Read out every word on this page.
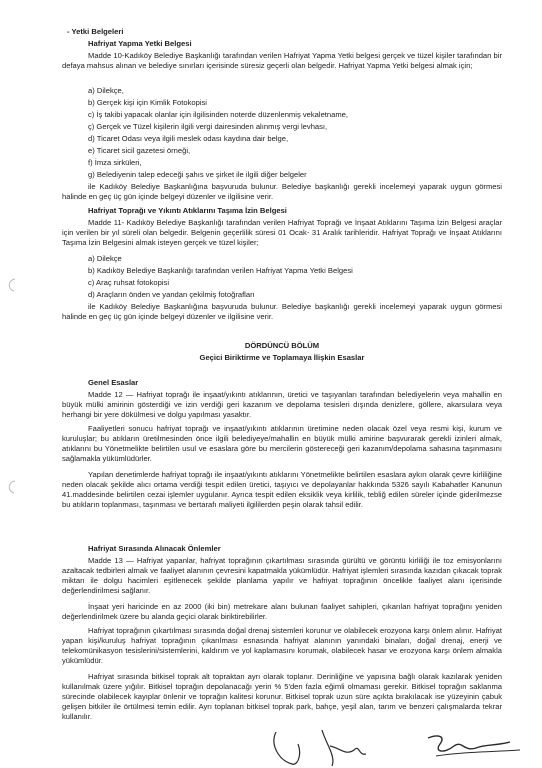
- Yetki Belgeleri

Hafriyat Yapma Yetki Belgesi

Madde 10-Kadıköy Belediye Başkanlığı tarafından verilen Hafriyat Yapma Yetki belgesi gerçek ve tüzel kişiler tarafından bir defaya mahsus alınan ve belediye sınırları içerisinde süresiz geçerli olan belgedir. Hafriyat Yapma Yetki belgesi almak için;

a) Dilekçe,

b) Gerçek kişi için Kimlik Fotokopisi

c) İş takibi yapacak olanlar için ilgilisinden noterde düzenlenmiş vekaletname,

ç) Gerçek ve Tüzel kişilerin ilgili vergi dairesinden alınmış vergi levhası,

d) Ticaret Odası veya ilgili meslek odası kaydına dair belge,

e) Ticaret sicil gazetesi örneği,

f) İmza sirküleri,

g) Belediyenin talep edeceği şahıs ve şirket ile ilgili diğer belgeler

ile Kadıköy Belediye Başkanlığına başvuruda bulunur. Belediye başkanlığı gerekli incelemeyi yaparak uygun görmesi halinde en geç üç gün içinde belgeyi düzenler ve ilgilisine verir.

Hafriyat Toprağı ve Yıkıntı Atıklarını Taşıma İzin Belgesi

Madde 11- Kadıköy Belediye Başkanlığı tarafından verilen Hafriyat Toprağı ve İnşaat Atıklarını Taşıma İzin Belgesi araçlar için verilen bir yıl süreli olan belgedir. Belgenin geçerlilik süresi 01 Ocak- 31 Aralık tarihleridir. Hafriyat Toprağı ve İnşaat Atıklarını Taşıma İzin Belgesini almak isteyen gerçek ve tüzel kişiler;

a) Dilekçe

b) Kadıköy Belediye Başkanlığı tarafından verilen Hafriyat Yapma Yetki Belgesi

c) Araç ruhsat fotokopisi

d) Araçların önden ve yandan çekilmiş fotoğrafları

ile Kadıköy Belediye Başkanlığına başvuruda bulunur. Belediye başkanlığı gerekli incelemeyi yaparak uygun görmesi halinde en geç üç gün içinde belgeyi düzenler ve ilgilisine verir.

DÖRDÜNCÜ BÖLÜM

Geçici Biriktirme ve Toplamaya İlişkin Esaslar

Genel Esaslar

Madde 12 — Hafriyat toprağı ile inşaat/yıkıntı atıklarının, üretici ve taşıyanları tarafından belediyelerin veya mahallin en büyük mülki amirinin gösterdiği ve izin verdiği geri kazanım ve depolama tesisleri dışında denizlere, göllere, akarsulara veya herhangi bir yere dökülmesi ve dolgu yapılması yasaktır.

Faaliyetleri sonucu hafriyat toprağı ve inşaat/yıkıntı atıklarının üretimine neden olacak özel veya resmi kişi, kurum ve kuruluşlar; bu atıkların üretilmesinden önce ilgili belediyeye/mahallin en büyük mülki amirine başvurarak gerekli izinleri almak, atıklarını bu Yönetmelikte belirtilen usul ve esaslara göre bu mercilerin göstereceği geri kazanım/depolama sahasına taşınmasını sağlamakla yükümlüdürler.

Yapılan denetimlerde hafriyat toprağı ile inşaat/yıkıntı atıklarını Yönetmelikte belirtilen esaslara aykırı olarak çevre kirliliğine neden olacak şekilde alıcı ortama verdiği tespit edilen üretici, taşıyıcı ve depolayanlar hakkında 5326 sayılı Kabahatler Kanunun 41.maddesinde belirtilen cezai işlemler uygulanır. Ayrıca tespit edilen eksiklik veya kirlilik, tebliğ edilen süreler içinde giderilmezse bu atıkların toplanması, taşınması ve bertarafı maliyeti ilgililerden peşin olarak tahsil edilir.

Hafriyat Sırasında Alınacak Önlemler

Madde 13 — Hafriyat yapanlar, hafriyat toprağının çıkartılması sırasında gürültü ve görüntü kirliliği ile toz emisyonlarını azaltacak tedbirleri almak ve faaliyet alanının çevresini kapatmakla yükümlüdür. Hafriyat işlemleri sırasında kazıdan çıkacak toprak miktarı ile dolgu hacimleri eşitlenecek şekilde planlama yapılır ve hafriyat toprağının öncelikle faaliyet alanı içerisinde değerlendirilmesi sağlanır.

İnşaat yeri haricinde en az 2000 (iki bin) metrekare alanı bulunan faaliyet sahipleri, çıkarılan hafriyat toprağını yeniden değerlendirilmek üzere bu alanda geçici olarak biriktirebilirler.

Hafriyat toprağının çıkartılması sırasında doğal drenaj sistemleri korunur ve olabilecek erozyona karşı önlem alınır. Hafriyat yapan kişi/kuruluş hafriyat toprağının çıkarılması esnasında hafriyat alanının yanındaki binaları, doğal drenaj, enerji ve telekomünikasyon tesislerini/sistemlerini, kaldırım ve yol kaplamasını korumak, olabilecek hasar ve erozyona karşı önlem almakla yükümlüdür.

Hafriyat sırasında bitkisel toprak alt topraktan ayrı olarak toplanır. Derinliğine ve yapısına bağlı olarak kazılarak yeniden kullanılmak üzere yığılır. Bitkisel toprağın depolanacağı yerin % 5'den fazla eğimli olmaması gerekir. Bitkisel toprağın saklanma sürecinde olabilecek kayıplar önlenir ve toprağın kalitesi korunur. Bitkisel toprak uzun süre açıkta bırakılacak ise yüzeyinin çabuk gelişen bitkiler ile örtülmesi temin edilir. Ayrı toplanan bitkisel toprak park, bahçe, yeşil alan, tarım ve benzeri çalışmalarda tekrar kullanılır.
